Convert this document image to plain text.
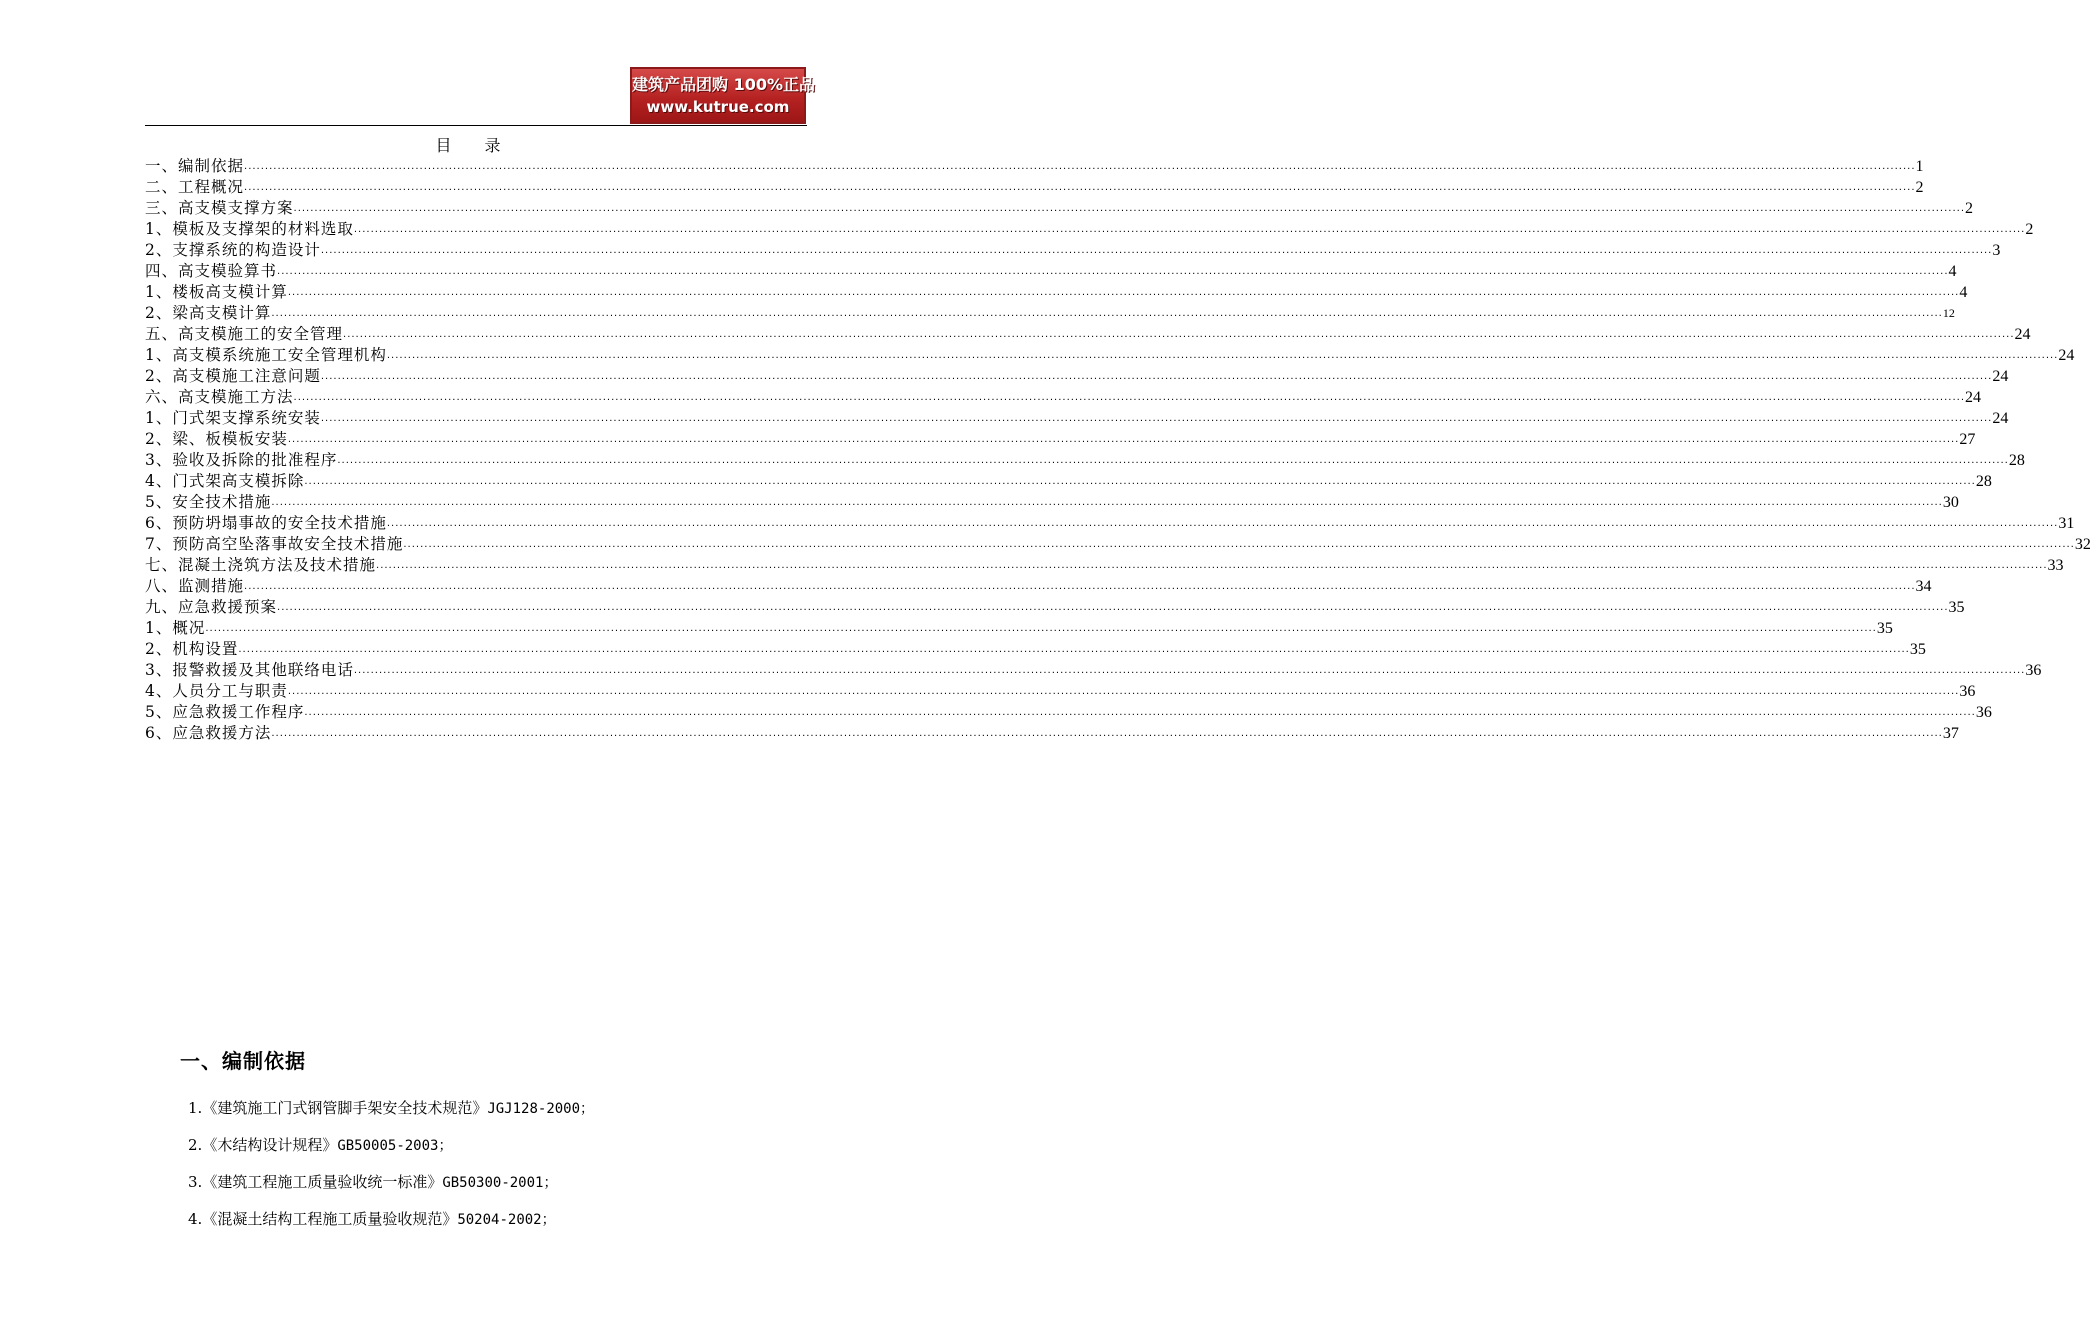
建筑产品团购 100%正品
www.kutrue.com
目 录
一、编制依据 ................................................................................................................................................................................................................................................................................................................................................................................................................ 1
二、工程概况 ................................................................................................................................................................................................................................................................................................................................................................................................................ 2
三、高支模支撑方案 ................................................................................................................................................................................................................................................................................................................................................................................................................ 2
1、模板及支撑架的材料选取 ................................................................................................................................................................................................................................................................................................................................................................................................................ 2
2、支撑系统的构造设计 ................................................................................................................................................................................................................................................................................................................................................................................................................ 3
四、高支模验算书 ................................................................................................................................................................................................................................................................................................................................................................................................................ 4
1、楼板高支模计算 ................................................................................................................................................................................................................................................................................................................................................................................................................ 4
2、梁高支模计算 ................................................................................................................................................................................................................................................................................................................................................................................................................ 12
五、高支模施工的安全管理 ................................................................................................................................................................................................................................................................................................................................................................................................................ 24
1、高支模系统施工安全管理机构 ................................................................................................................................................................................................................................................................................................................................................................................................................ 24
2、高支模施工注意问题 ................................................................................................................................................................................................................................................................................................................................................................................................................ 24
六、高支模施工方法 ................................................................................................................................................................................................................................................................................................................................................................................................................ 24
1、门式架支撑系统安装 ................................................................................................................................................................................................................................................................................................................................................................................................................ 24
2、梁、板模板安装 ................................................................................................................................................................................................................................................................................................................................................................................................................ 27
3、验收及拆除的批准程序 ................................................................................................................................................................................................................................................................................................................................................................................................................ 28
4、门式架高支模拆除 ................................................................................................................................................................................................................................................................................................................................................................................................................ 28
5、安全技术措施 ................................................................................................................................................................................................................................................................................................................................................................................................................ 30
6、预防坍塌事故的安全技术措施 ................................................................................................................................................................................................................................................................................................................................................................................................................ 31
7、预防高空坠落事故安全技术措施 ................................................................................................................................................................................................................................................................................................................................................................................................................ 32
七、混凝土浇筑方法及技术措施 ................................................................................................................................................................................................................................................................................................................................................................................................................ 33
八、监测措施 ................................................................................................................................................................................................................................................................................................................................................................................................................ 34
九、应急救援预案 ................................................................................................................................................................................................................................................................................................................................................................................................................ 35
1、概况 ................................................................................................................................................................................................................................................................................................................................................................................................................ 35
2、机构设置 ................................................................................................................................................................................................................................................................................................................................................................................................................ 35
3、报警救援及其他联络电话 ................................................................................................................................................................................................................................................................................................................................................................................................................ 36
4、人员分工与职责 ................................................................................................................................................................................................................................................................................................................................................................................................................ 36
5、应急救援工作程序 ................................................................................................................................................................................................................................................................................................................................................................................................................ 36
6、应急救援方法 ................................................................................................................................................................................................................................................................................................................................................................................................................ 37
一、编制依据
1.《建筑施工门式钢管脚手架安全技术规范》JGJ128-2000；
2.《木结构设计规程》GB50005-2003；
3.《建筑工程施工质量验收统一标准》GB50300-2001；
4.《混凝土结构工程施工质量验收规范》50204-2002；
